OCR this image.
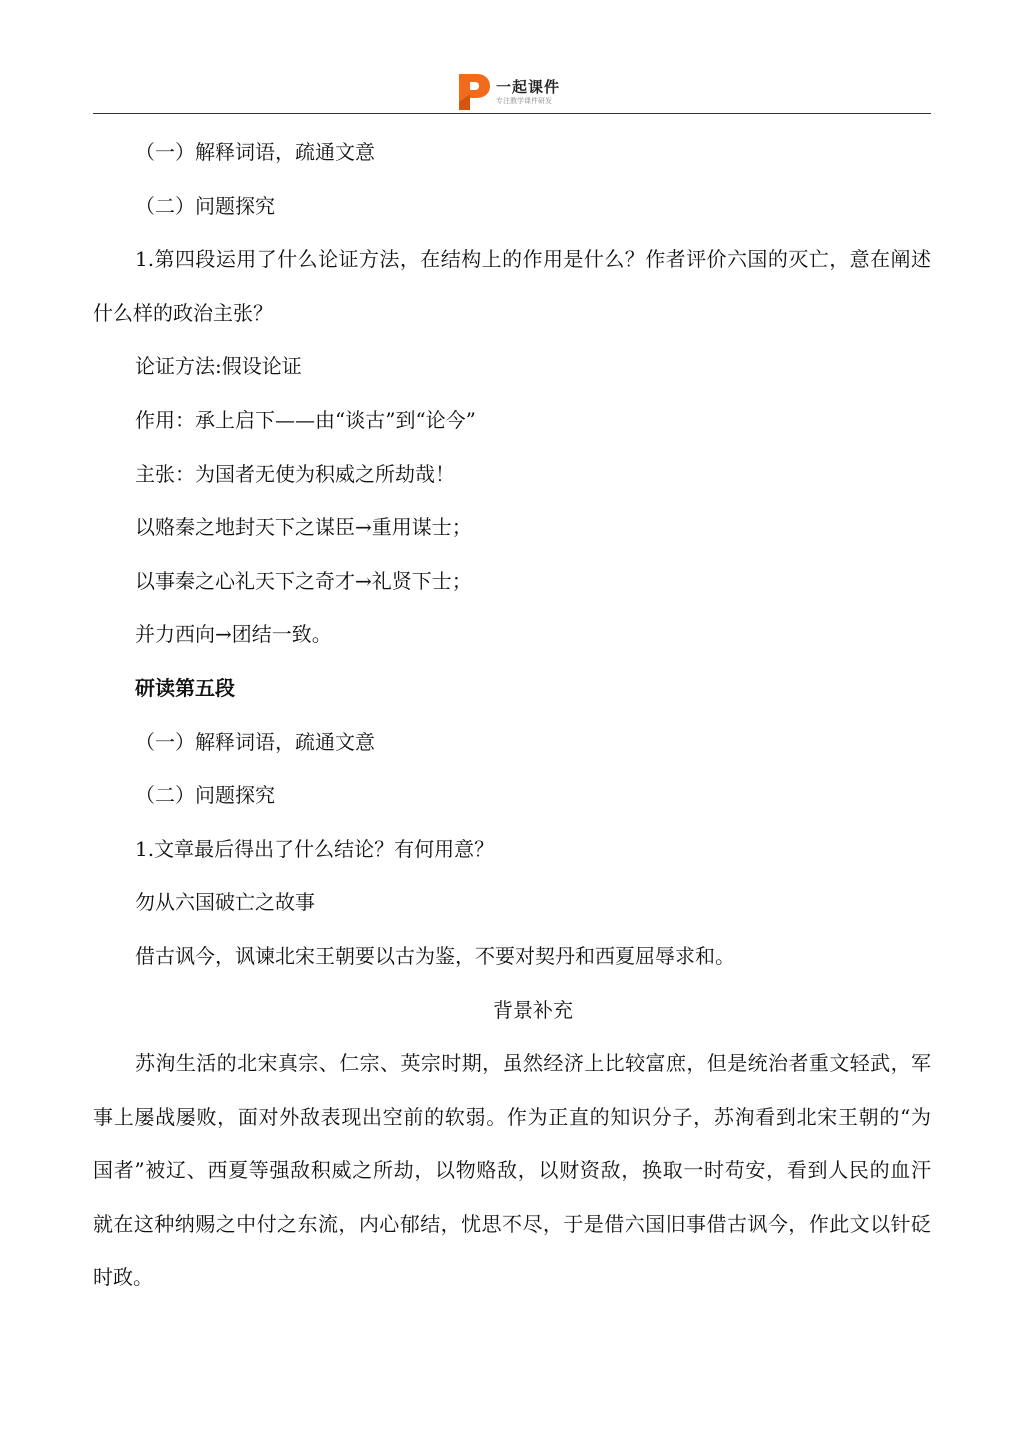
一起课件
专注教学课件研发
（一）解释词语，疏通文意
（二）问题探究
1.第四段运用了什么论证方法，在结构上的作用是什么？作者评价六国的灭亡，意在阐述
什么样的政治主张？
论证方法:假设论证
作用：承上启下——由“谈古”到“论今”
主张：为国者无使为积威之所劫哉！
以赂秦之地封天下之谋臣→重用谋士；
以事秦之心礼天下之奇才→礼贤下士；
并力西向→团结一致。
研读第五段
（一）解释词语，疏通文意
（二）问题探究
1.文章最后得出了什么结论？有何用意？
勿从六国破亡之故事
借古讽今，讽谏北宋王朝要以古为鉴，不要对契丹和西夏屈辱求和。
背景补充
苏洵生活的北宋真宗、仁宗、英宗时期，虽然经济上比较富庶，但是统治者重文轻武，军
事上屡战屡败，面对外敌表现出空前的软弱。作为正直的知识分子，苏洵看到北宋王朝的“为
国者”被辽、西夏等强敌积威之所劫，以物赂敌，以财资敌，换取一时苟安，看到人民的血汗
就在这种纳赐之中付之东流，内心郁结，忧思不尽，于是借六国旧事借古讽今，作此文以针砭
时政。
